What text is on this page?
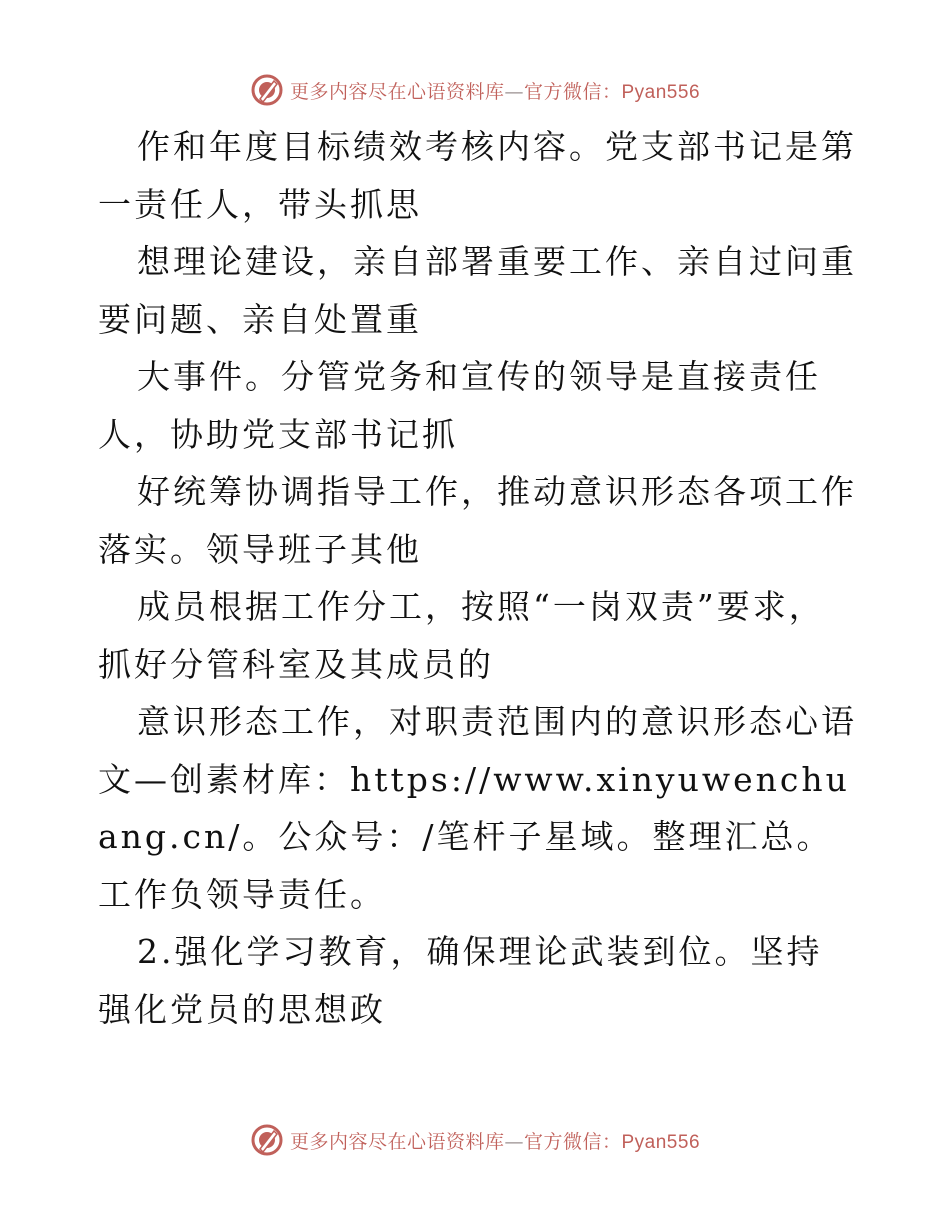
更多内容尽在心语资料库—官方微信：Pyan556

作和年度目标绩效考核内容。党支部书记是第一责任人，带头抓思

想理论建设，亲自部署重要工作、亲自过问重要问题、亲自处置重

大事件。分管党务和宣传的领导是直接责任人，协助党支部书记抓

好统筹协调指导工作，推动意识形态各项工作落实。领导班子其他

成员根据工作分工，按照“一岗双责”要求，抓好分管科室及其成员的

意识形态工作，对职责范围内的意识形态心语文—创素材库：https://www.xinyuwenchuang.cn/。公众号：/笔杆子星域。整理汇总。工作负领导责任。

2.强化学习教育，确保理论武装到位。坚持强化党员的思想政

更多内容尽在心语资料库—官方微信：Pyan556
